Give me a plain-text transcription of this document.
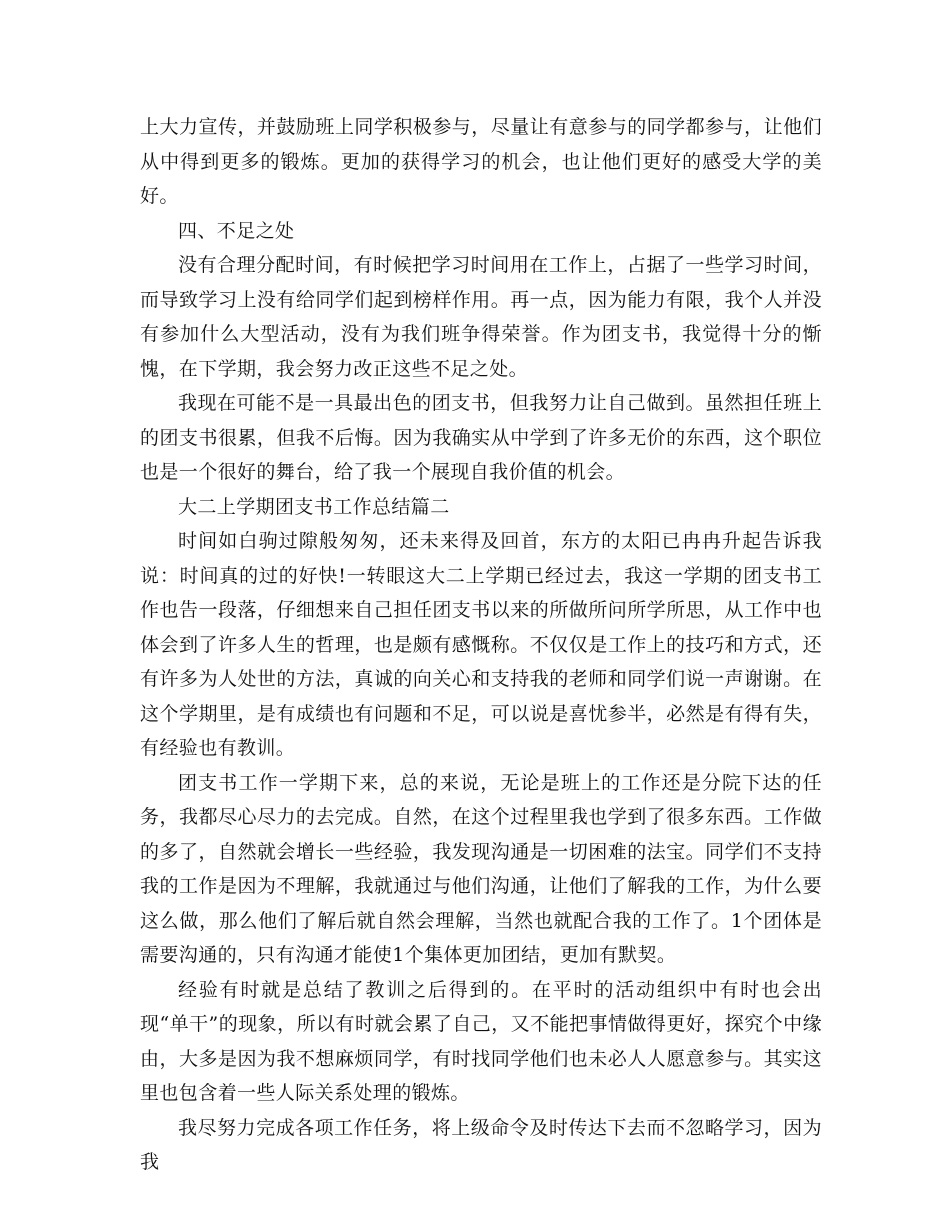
上大力宣传，并鼓励班上同学积极参与，尽量让有意参与的同学都参与，让他们从中得到更多的锻炼。更加的获得学习的机会，也让他们更好的感受大学的美好。

四、不足之处

没有合理分配时间，有时候把学习时间用在工作上，占据了一些学习时间，而导致学习上没有给同学们起到榜样作用。再一点，因为能力有限，我个人并没有参加什么大型活动，没有为我们班争得荣誉。作为团支书，我觉得十分的惭愧，在下学期，我会努力改正这些不足之处。

我现在可能不是一具最出色的团支书，但我努力让自己做到。虽然担任班上的团支书很累，但我不后悔。因为我确实从中学到了许多无价的东西，这个职位也是一个很好的舞台，给了我一个展现自我价值的机会。

大二上学期团支书工作总结篇二

时间如白驹过隙般匆匆，还未来得及回首，东方的太阳已冉冉升起告诉我说：时间真的过的好快!一转眼这大二上学期已经过去，我这一学期的团支书工作也告一段落，仔细想来自己担任团支书以来的所做所问所学所思，从工作中也体会到了许多人生的哲理，也是颇有感慨称。不仅仅是工作上的技巧和方式，还有许多为人处世的方法，真诚的向关心和支持我的老师和同学们说一声谢谢。在这个学期里，是有成绩也有问题和不足，可以说是喜忧参半，必然是有得有失，有经验也有教训。

团支书工作一学期下来，总的来说，无论是班上的工作还是分院下达的任务，我都尽心尽力的去完成。自然，在这个过程里我也学到了很多东西。工作做的多了，自然就会增长一些经验，我发现沟通是一切困难的法宝。同学们不支持我的工作是因为不理解，我就通过与他们沟通，让他们了解我的工作，为什么要这么做，那么他们了解后就自然会理解，当然也就配合我的工作了。1个团体是需要沟通的，只有沟通才能使1个集体更加团结，更加有默契。

经验有时就是总结了教训之后得到的。在平时的活动组织中有时也会出现“单干”的现象，所以有时就会累了自己，又不能把事情做得更好，探究个中缘由，大多是因为我不想麻烦同学，有时找同学他们也未必人人愿意参与。其实这里也包含着一些人际关系处理的锻炼。

我尽努力完成各项工作任务，将上级命令及时传达下去而不忽略学习，因为我
